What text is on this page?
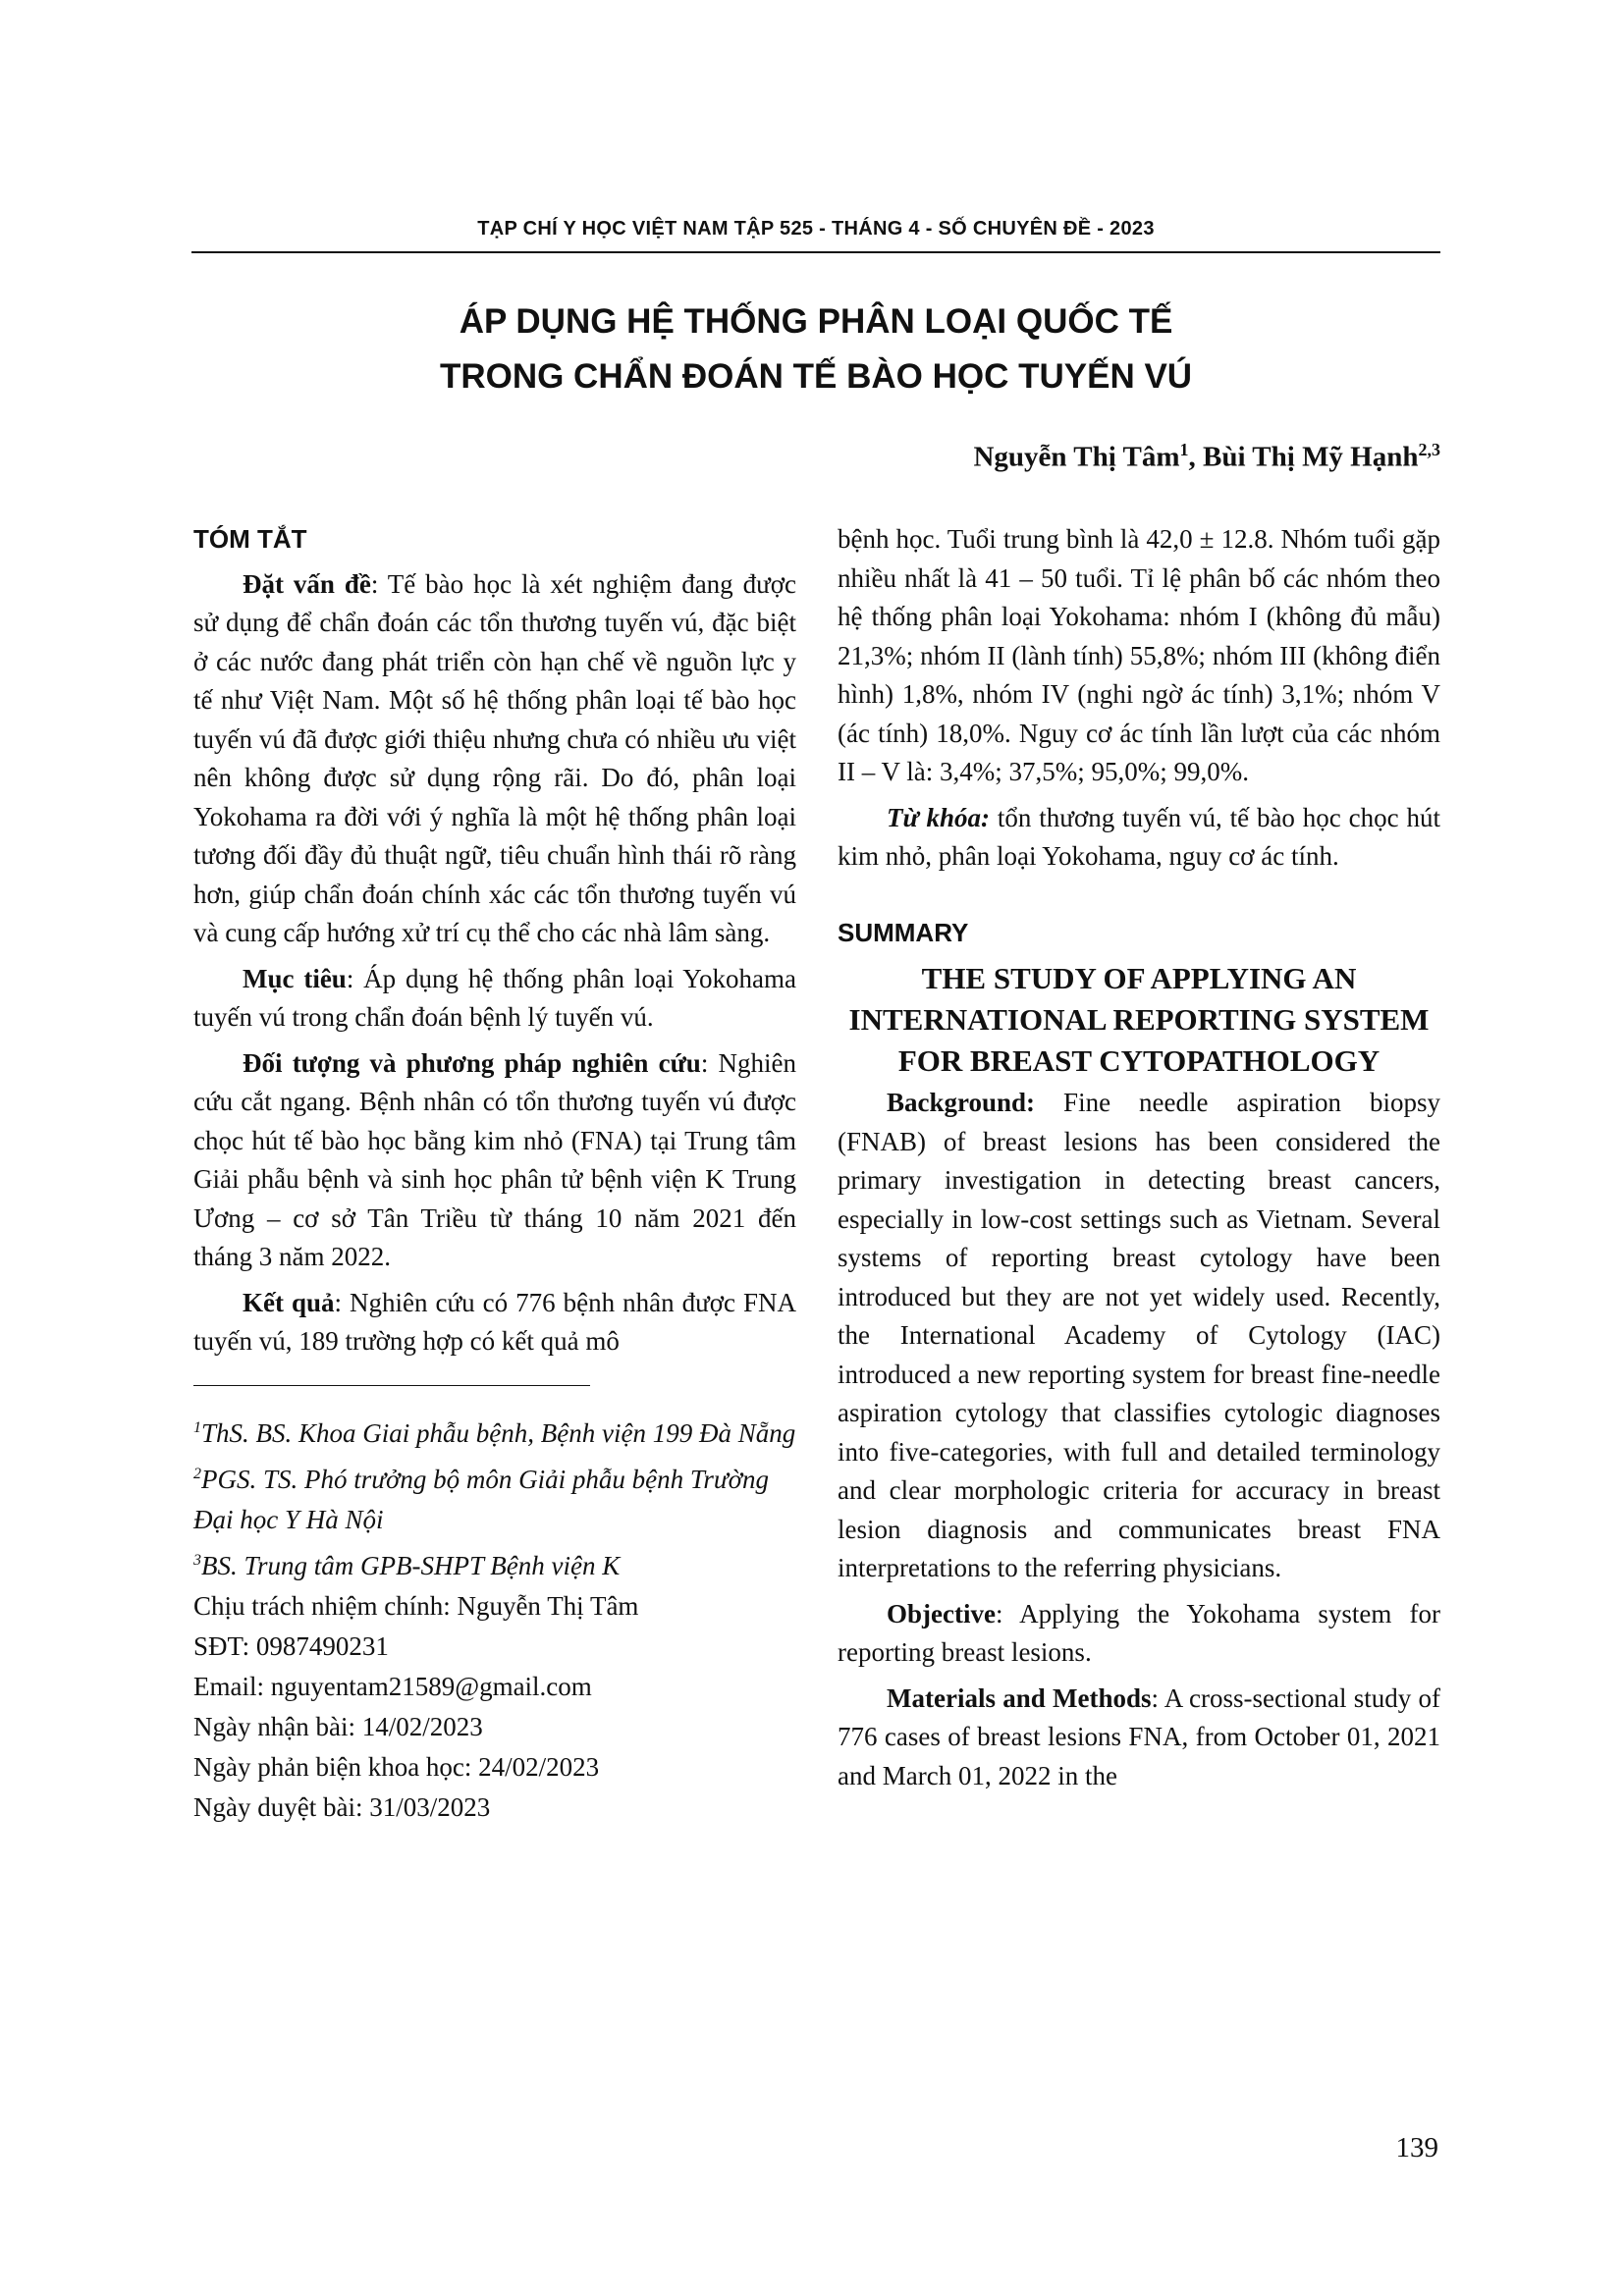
TẠP CHÍ Y HỌC VIỆT NAM TẬP 525 - THÁNG 4 - SỐ CHUYÊN ĐỀ - 2023
ÁP DỤNG HỆ THỐNG PHÂN LOẠI QUỐC TẾ
TRONG CHẨN ĐOÁN TẾ BÀO HỌC TUYẾN VÚ
Nguyễn Thị Tâm$^1$, Bùi Thị Mỹ Hạnh$^{2,3}$
TÓM TẮT

Đặt vấn đề: Tế bào học là xét nghiệm đang được sử dụng để chẩn đoán các tổn thương tuyến vú, đặc biệt ở các nước đang phát triển còn hạn chế về nguồn lực y tế như Việt Nam. Một số hệ thống phân loại tế bào học tuyến vú đã được giới thiệu nhưng chưa có nhiều ưu việt nên không được sử dụng rộng rãi. Do đó, phân loại Yokohama ra đời với ý nghĩa là một hệ thống phân loại tương đối đầy đủ thuật ngữ, tiêu chuẩn hình thái rõ ràng hơn, giúp chẩn đoán chính xác các tổn thương tuyến vú và cung cấp hướng xử trí cụ thể cho các nhà lâm sàng.

Mục tiêu: Áp dụng hệ thống phân loại Yokohama tuyến vú trong chẩn đoán bệnh lý tuyến vú.

Đối tượng và phương pháp nghiên cứu: Nghiên cứu cắt ngang. Bệnh nhân có tổn thương tuyến vú được chọc hút tế bào học bằng kim nhỏ (FNA) tại Trung tâm Giải phẫu bệnh và sinh học phân tử bệnh viện K Trung Ương – cơ sở Tân Triều từ tháng 10 năm 2021 đến tháng 3 năm 2022.

Kết quả: Nghiên cứu có 776 bệnh nhân được FNA tuyến vú, 189 trường hợp có kết quả mô

$^1$ThS. BS. Khoa Giai phẫu bệnh, Bệnh viện 199 Đà Nẵng
$^2$PGS. TS. Phó trưởng bộ môn Giải phẫu bệnh Trường Đại học Y Hà Nội
$^3$BS. Trung tâm GPB-SHPT Bệnh viện K
Chịu trách nhiệm chính: Nguyễn Thị Tâm
SĐT: 0987490231
Email: nguyentam21589@gmail.com
Ngày nhận bài: 14/02/2023
Ngày phản biện khoa học: 24/02/2023
Ngày duyệt bài: 31/03/2023

bệnh học. Tuổi trung bình là 42,0 ± 12.8. Nhóm tuổi gặp nhiều nhất là 41 – 50 tuổi. Tỉ lệ phân bố các nhóm theo hệ thống phân loại Yokohama: nhóm I (không đủ mẫu) 21,3%; nhóm II (lành tính) 55,8%; nhóm III (không điển hình) 1,8%, nhóm IV (nghi ngờ ác tính) 3,1%; nhóm V (ác tính) 18,0%. Nguy cơ ác tính lần lượt của các nhóm II – V là: 3,4%; 37,5%; 95,0%; 99,0%.

Từ khóa: tổn thương tuyến vú, tế bào học chọc hút kim nhỏ, phân loại Yokohama, nguy cơ ác tính.

SUMMARY
THE STUDY OF APPLYING AN INTERNATIONAL REPORTING SYSTEM FOR BREAST CYTOPATHOLOGY

Background: Fine needle aspiration biopsy (FNAB) of breast lesions has been considered the primary investigation in detecting breast cancers, especially in low-cost settings such as Vietnam. Several systems of reporting breast cytology have been introduced but they are not yet widely used. Recently, the International Academy of Cytology (IAC) introduced a new reporting system for breast fine-needle aspiration cytology that classifies cytologic diagnoses into five-categories, with full and detailed terminology and clear morphologic criteria for accuracy in breast lesion diagnosis and communicates breast FNA interpretations to the referring physicians.

Objective: Applying the Yokohama system for reporting breast lesions.

Materials and Methods: A cross-sectional study of 776 cases of breast lesions FNA, from October 01, 2021 and March 01, 2022 in the

139
